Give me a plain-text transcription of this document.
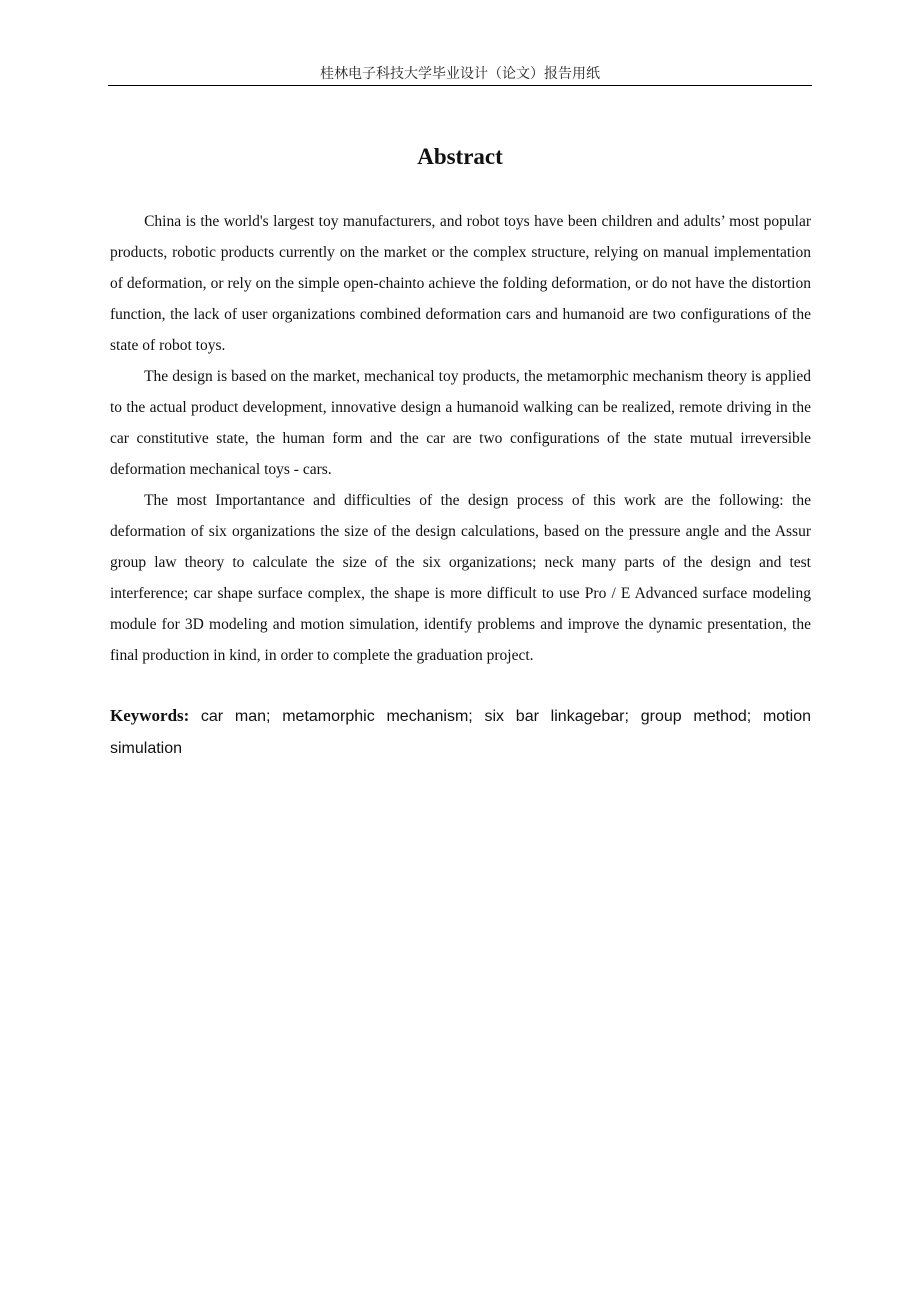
桂林电子科技大学毕业设计（论文）报告用纸
Abstract

China is the world's largest toy manufacturers, and robot toys have been children and adults’ most popular products, robotic products currently on the market or the complex structure, relying on manual implementation of deformation, or rely on the simple open-chainto achieve the folding deformation, or do not have the distortion function, the lack of user organizations combined deformation cars and humanoid are two configurations of the state of robot toys.

The design is based on the market, mechanical toy products, the metamorphic mechanism theory is applied to the actual product development, innovative design a humanoid walking can be realized, remote driving in the car constitutive state, the human form and the car are two configurations of the state mutual irreversible deformation mechanical toys - cars.

The most Importantance and difficulties of the design process of this work are the following: the deformation of six organizations the size of the design calculations, based on the pressure angle and the Assur group law theory to calculate the size of the six organizations; neck many parts of the design and test interference; car shape surface complex, the shape is more difficult to use Pro / E Advanced surface modeling module for 3D modeling and motion simulation, identify problems and improve the dynamic presentation, the final production in kind, in order to complete the graduation project.

Keywords: car man; metamorphic mechanism; six bar linkagebar; group method; motion simulation
